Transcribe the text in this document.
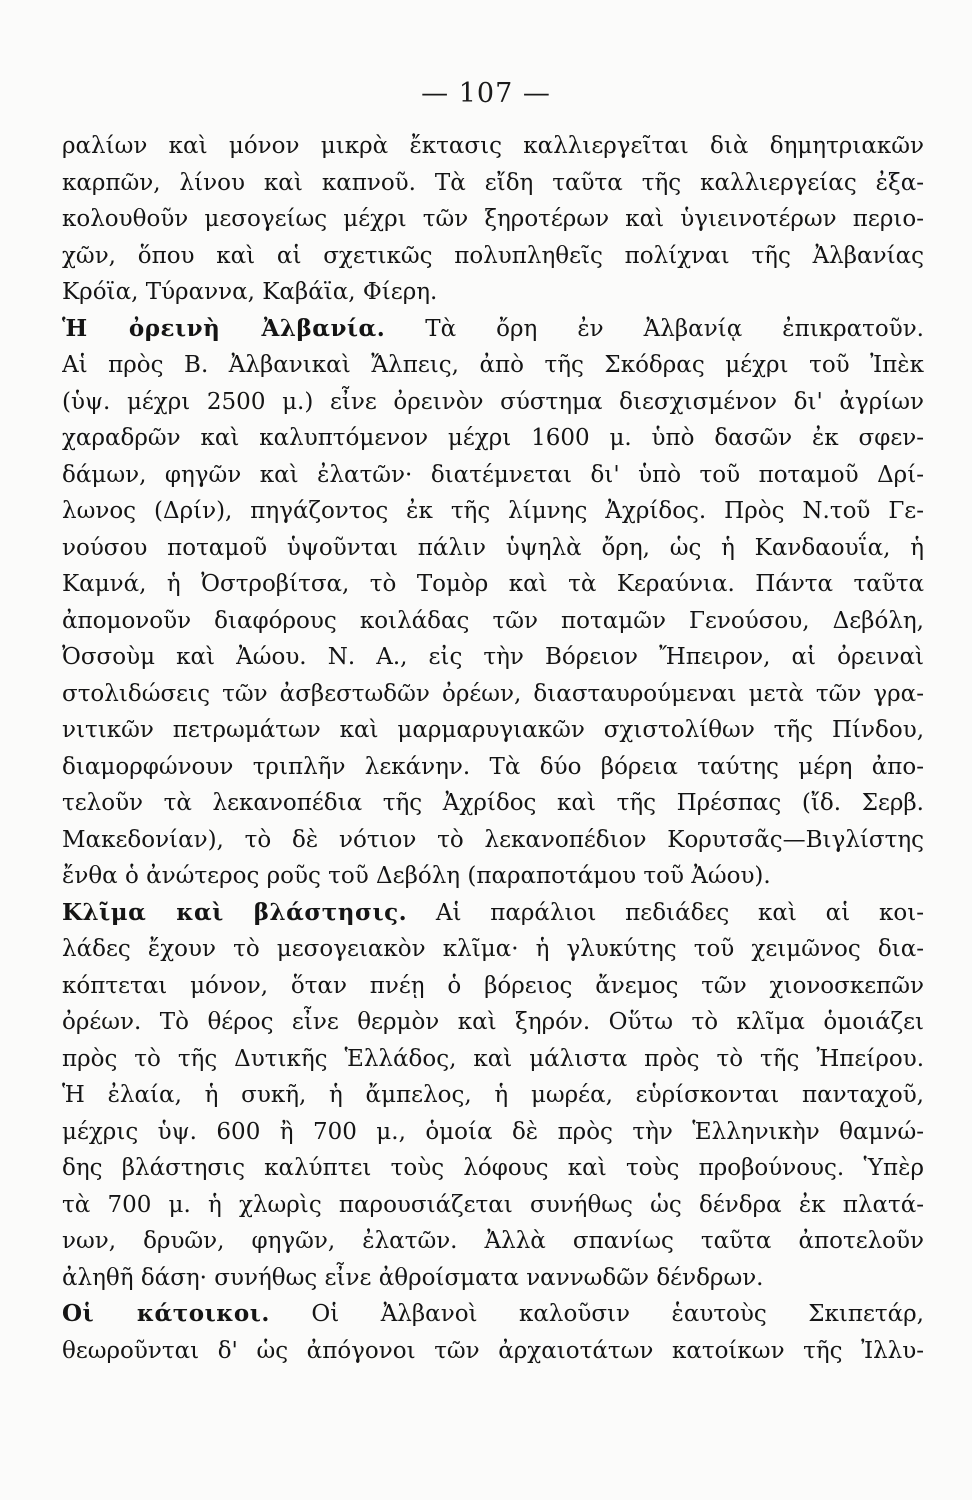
— 107 —
ραλίων καὶ μόνον μικρὰ ἔκτασις καλλιεργεῖται διὰ δημητριακῶν
καρπῶν, λίνου καὶ καπνοῦ. Τὰ εἴδη ταῦτα τῆς καλλιεργείας ἐξα-
κολουθοῦν μεσογείως μέχρι τῶν ξηροτέρων καὶ ὑγιεινοτέρων περιο-
χῶν, ὅπου καὶ αἱ σχετικῶς πολυπληθεῖς πολίχναι τῆς Ἀλβανίας
Κρόϊα, Τύραννα, Καβάϊα, Φίερη.
Ἡ ὀρεινὴ Ἀλβανία. Τὰ ὄρη ἐν Ἀλβανίᾳ ἐπικρατοῦν.
Αἱ πρὸς Β. Ἀλβανικαὶ Ἄλπεις, ἀπὸ τῆς Σκόδρας μέχρι τοῦ Ἰπὲκ
(ὑψ. μέχρι 2500 μ.) εἶνε ὀρεινὸν σύστημα διεσχισμένον δι' ἀγρίων
χαραδρῶν καὶ καλυπτόμενον μέχρι 1600 μ. ὑπὸ δασῶν ἐκ σφεν-
δάμων, φηγῶν καὶ ἐλατῶν· διατέμνεται δι' ὑπὸ τοῦ ποταμοῦ Δρί-
λωνος (Δρίν), πηγάζοντος ἐκ τῆς λίμνης Ἀχρίδος. Πρὸς Ν.τοῦ Γε-
νούσου ποταμοῦ ὑψοῦνται πάλιν ὑψηλὰ ὄρη, ὡς ἡ Κανδαουΐα, ἡ
Καμνά, ἡ Ὀστροβίτσα, τὸ Τομὸρ καὶ τὰ Κεραύνια. Πάντα ταῦτα
ἀπομονοῦν διαφόρους κοιλάδας τῶν ποταμῶν Γενούσου, Δεβόλη,
Ὀσσοὺμ καὶ Ἀώου. Ν. Α., εἰς τὴν Βόρειον Ἤπειρον, αἱ ὀρειναὶ
στολιδώσεις τῶν ἀσβεστωδῶν ὀρέων, διασταυρούμεναι μετὰ τῶν γρα-
νιτικῶν πετρωμάτων καὶ μαρμαρυγιακῶν σχιστολίθων τῆς Πίνδου,
διαμορφώνουν τριπλῆν λεκάνην. Τὰ δύο βόρεια ταύτης μέρη ἀπο-
τελοῦν τὰ λεκανοπέδια τῆς Ἀχρίδος καὶ τῆς Πρέσπας (ἴδ. Σερβ.
Μακεδονίαν), τὸ δὲ νότιον τὸ λεκανοπέδιον Κορυτσᾶς—Βιγλίστης
ἔνθα ὁ ἀνώτερος ροῦς τοῦ Δεβόλη (παραποτάμου τοῦ Ἀώου).
Κλῖμα καὶ βλάστησις. Αἱ παράλιοι πεδιάδες καὶ αἱ κοι-
λάδες ἔχουν τὸ μεσογειακὸν κλῖμα· ἡ γλυκύτης τοῦ χειμῶνος δια-
κόπτεται μόνον, ὅταν πνέῃ ὁ βόρειος ἄνεμος τῶν χιονοσκεπῶν
ὀρέων. Τὸ θέρος εἶνε θερμὸν καὶ ξηρόν. Οὕτω τὸ κλῖμα ὁμοιάζει
πρὸς τὸ τῆς Δυτικῆς Ἑλλάδος, καὶ μάλιστα πρὸς τὸ τῆς Ἠπείρου.
Ἡ ἐλαία, ἡ συκῆ, ἡ ἄμπελος, ἡ μωρέα, εὑρίσκονται πανταχοῦ,
μέχρις ὑψ. 600 ἢ 700 μ., ὁμοία δὲ πρὸς τὴν Ἑλληνικὴν θαμνώ-
δης βλάστησις καλύπτει τοὺς λόφους καὶ τοὺς προβούνους. Ὑπὲρ
τὰ 700 μ. ἡ χλωρὶς παρουσιάζεται συνήθως ὡς δένδρα ἐκ πλατά-
νων, δρυῶν, φηγῶν, ἐλατῶν. Ἀλλὰ σπανίως ταῦτα ἀποτελοῦν
ἀληθῆ δάση· συνήθως εἶνε ἀθροίσματα νανν‌ωδῶν δένδρων.
Οἱ κάτοικοι. Οἱ Ἀλβανοὶ καλοῦσιν ἑαυτοὺς Σκιπετάρ,
θεωροῦνται δ' ὡς ἀπόγονοι τῶν ἀρχαιοτάτων κατοίκων τῆς Ἰλλυ-
